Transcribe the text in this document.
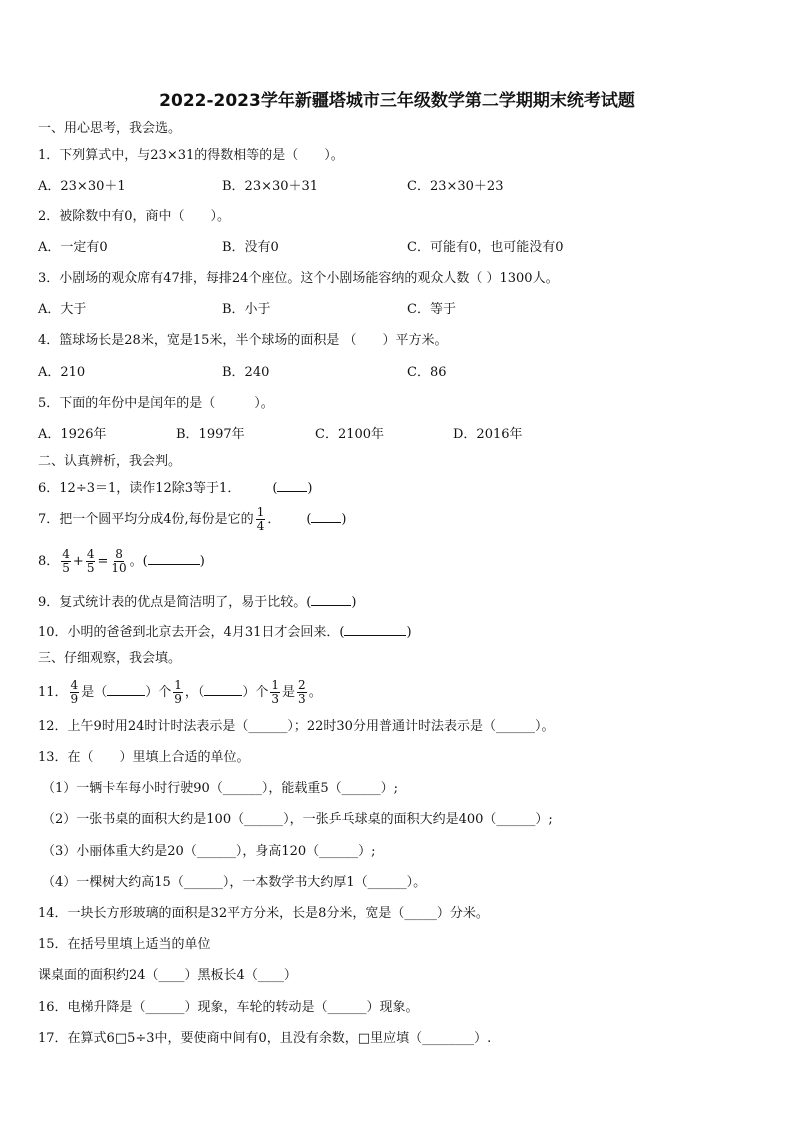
2022-2023学年新疆塔城市三年级数学第二学期期末统考试题
一、用心思考，我会选。
1．下列算式中，与23×31的得数相等的是（　　）。
A．23×30＋1	B．23×30＋31	C．23×30＋23
2．被除数中有0，商中（　　）。
A．一定有0	B．没有0	C．可能有0，也可能没有0
3．小剧场的观众席有47排，每排24个座位。这个小剧场能容纳的观众人数（ ）1300人。
A．大于	B．小于	C．等于
4．篮球场长是28米，宽是15米，半个球场的面积是 （　　）平方米。
A．210	B．240	C．86
5．下面的年份中是闰年的是（　　　）。
A．1926年	B．1997年	C．2100年	D．2016年
二、认真辨析，我会判。
6．12÷3＝1，读作12除3等于1． ( )
7．把一个圆平均分成4份,每份是它的 $\frac{1}{4}$ ． ( )
8． $\frac{4}{5} + \frac{4}{5} = \frac{8}{10}$ 。(	)
9．复式统计表的优点是简洁明了，易于比较。(	)
10．小明的爸爸到北京去开会，4月31日才会回来．(	)
三、仔细观察，我会填。
11． $\frac{4}{9}$ 是（	）个 $\frac{1}{9}$ ，（	）个 $\frac{1}{3}$ 是 $\frac{2}{3}$ 。
12．上午9时用24时计时法表示是（______）；22时30分用普通计时法表示是（______）。
13．在（　　）里填上合适的单位。
（1）一辆卡车每小时行驶90（______），能载重5（______）;
（2）一张书桌的面积大约是100（______），一张乒乓球桌的面积大约是400（______）;
（3）小丽体重大约是20（______），身高120（______）;
（4）一棵树大约高15（______），一本数学书大约厚1（______）。
14．一块长方形玻璃的面积是32平方分米，长是8分米，宽是（_____）分米。
15．在括号里填上适当的单位
课桌面的面积约24（____）黑板长4（____）
16．电梯升降是（______）现象，车轮的转动是（______）现象。
17．在算式6□5÷3中，要使商中间有0，且没有余数，□里应填（________）.
